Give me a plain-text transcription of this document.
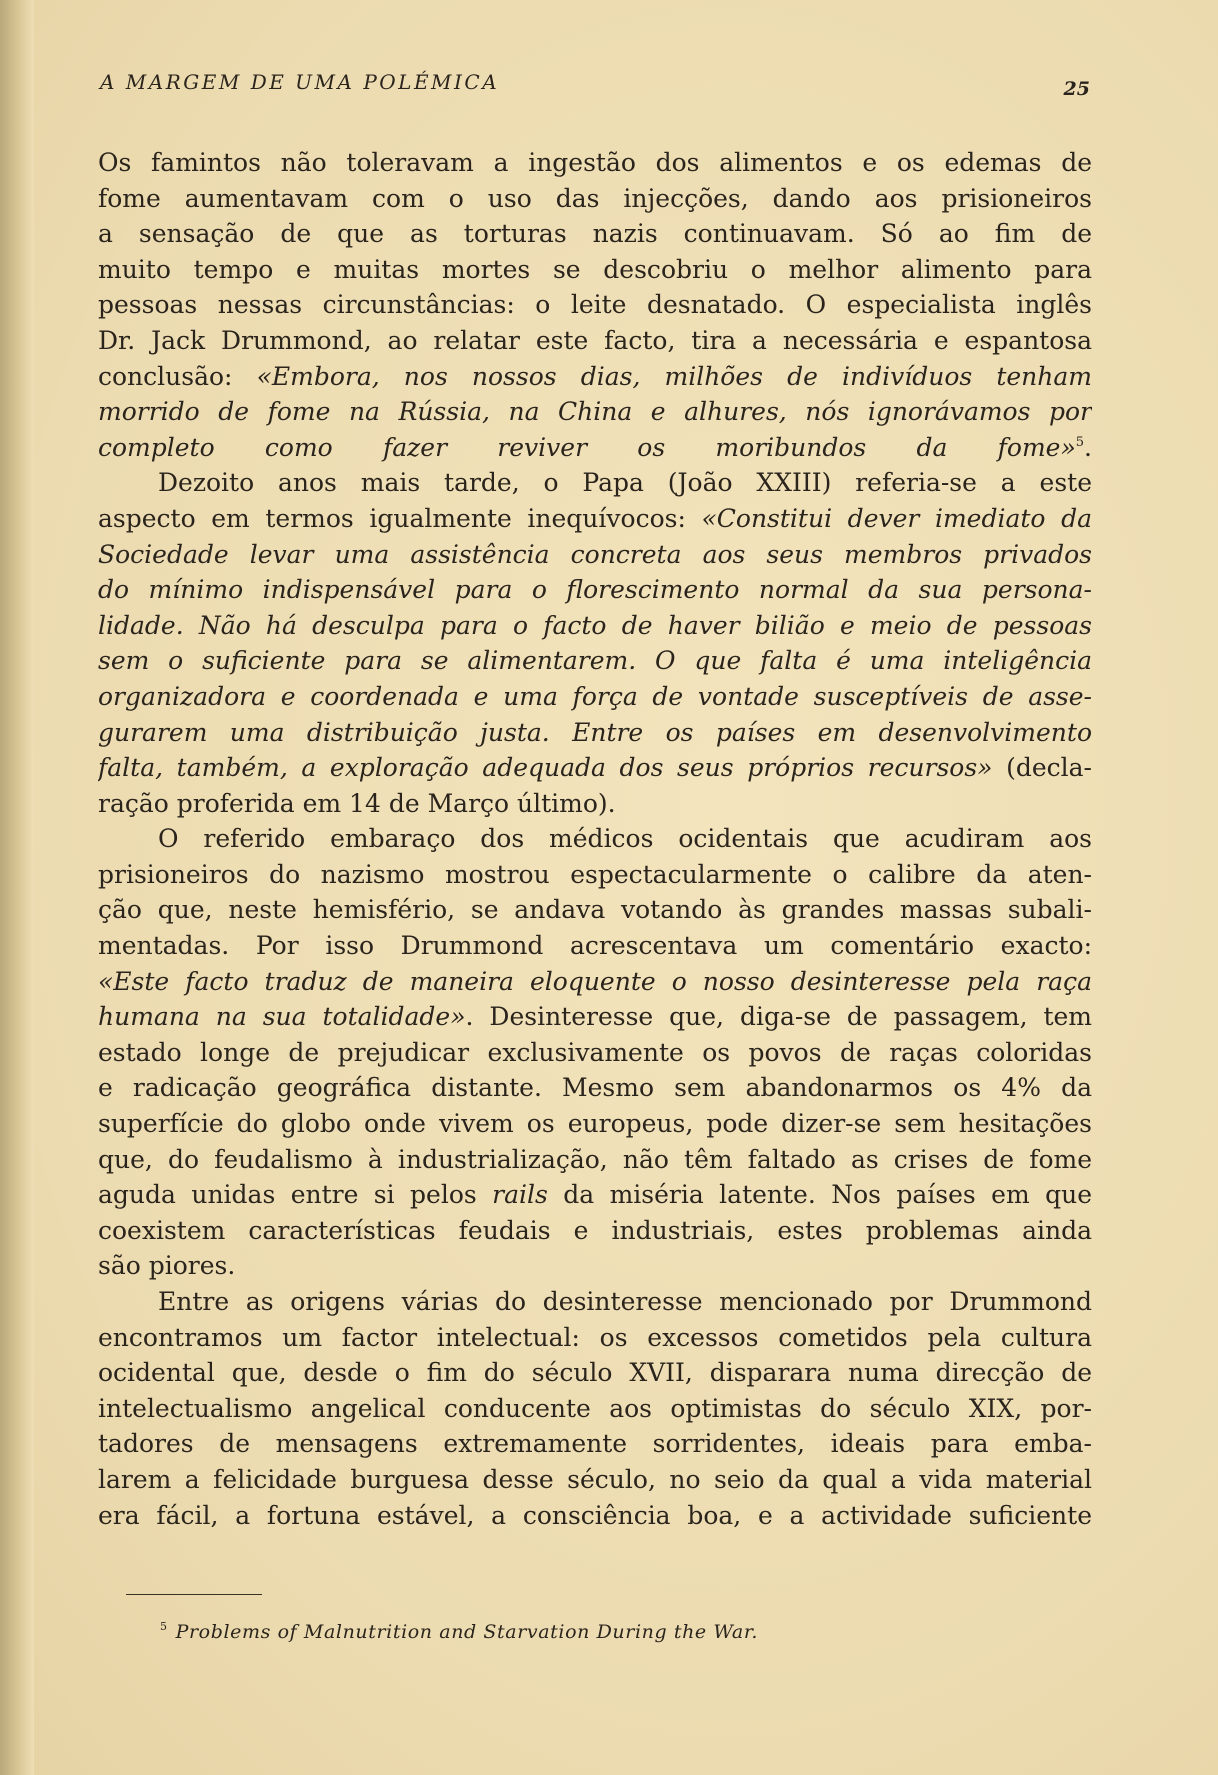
A MARGEM DE UMA POLÉMICA	25
Os famintos não toleravam a ingestão dos alimentos e os edemas de
fome aumentavam com o uso das injecções, dando aos prisioneiros
a sensação de que as torturas nazis continuavam. Só ao fim de
muito tempo e muitas mortes se descobriu o melhor alimento para
pessoas nessas circunstâncias: o leite desnatado. O especialista inglês
Dr. Jack Drummond, ao relatar este facto, tira a necessária e espantosa
conclusão: «Embora, nos nossos dias, milhões de indivíduos tenham
morrido de fome na Rússia, na China e alhures, nós ignorávamos por
completo como fazer reviver os moribundos da fome»$^5$.
Dezoito anos mais tarde, o Papa (João XXIII) referia-se a este
aspecto em termos igualmente inequívocos: «Constitui dever imediato da
Sociedade levar uma assistência concreta aos seus membros privados
do mínimo indispensável para o florescimento normal da sua persona-
lidade. Não há desculpa para o facto de haver bilião e meio de pessoas
sem o suficiente para se alimentarem. O que falta é uma inteligência
organizadora e coordenada e uma força de vontade susceptíveis de asse-
gurarem uma distribuição justa. Entre os países em desenvolvimento
falta, também, a exploração adequada dos seus próprios recursos» (decla-
ração proferida em 14 de Março último).
O referido embaraço dos médicos ocidentais que acudiram aos
prisioneiros do nazismo mostrou espectacularmente o calibre da aten-
ção que, neste hemisfério, se andava votando às grandes massas subali-
mentadas. Por isso Drummond acrescentava um comentário exacto:
«Este facto traduz de maneira eloquente o nosso desinteresse pela raça
humana na sua totalidade». Desinteresse que, diga-se de passagem, tem
estado longe de prejudicar exclusivamente os povos de raças coloridas
e radicação geográfica distante. Mesmo sem abandonarmos os 4% da
superfície do globo onde vivem os europeus, pode dizer-se sem hesitações
que, do feudalismo à industrialização, não têm faltado as crises de fome
aguda unidas entre si pelos rails da miséria latente. Nos países em que
coexistem características feudais e industriais, estes problemas ainda
são piores.
Entre as origens várias do desinteresse mencionado por Drummond
encontramos um factor intelectual: os excessos cometidos pela cultura
ocidental que, desde o fim do século XVII, disparara numa direcção de
intelectualismo angelical conducente aos optimistas do século XIX, por-
tadores de mensagens extremamente sorridentes, ideais para emba-
larem a felicidade burguesa desse século, no seio da qual a vida material
era fácil, a fortuna estável, a consciência boa, e a actividade suficiente
$^5$ Problems of Malnutrition and Starvation During the War.
